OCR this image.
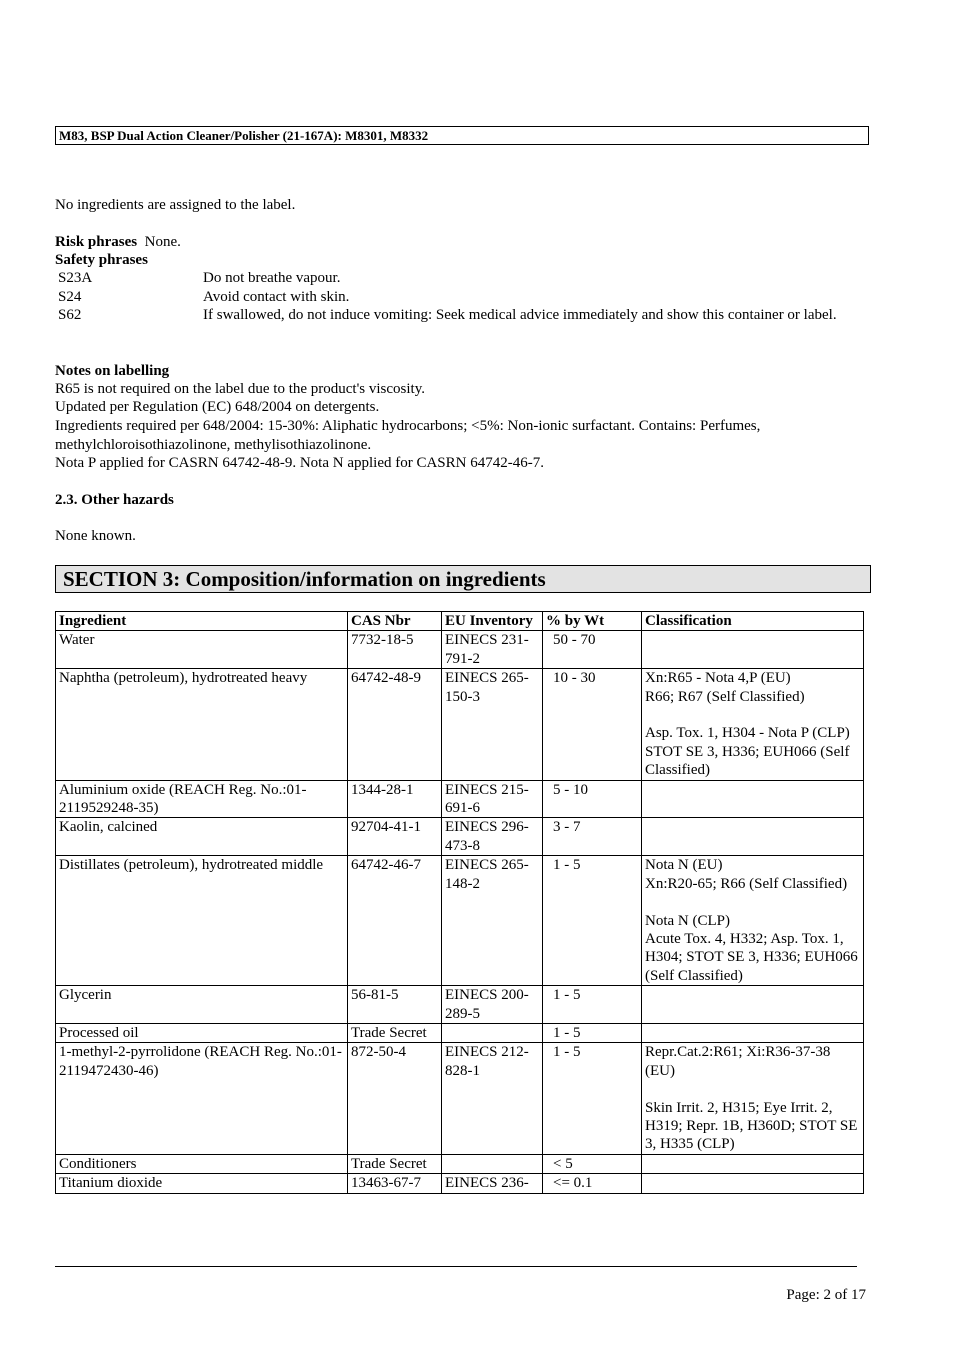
M83, BSP Dual Action Cleaner/Polisher (21-167A): M8301, M8332
No ingredients are assigned to the label.
Risk phrases None.
Safety phrases
S23A	Do not breathe vapour.
S24	Avoid contact with skin.
S62	If swallowed, do not induce vomiting: Seek medical advice immediately and show this container or label.
Notes on labelling
R65 is not required on the label due to the product's viscosity.
Updated per Regulation (EC) 648/2004 on detergents.
Ingredients required per 648/2004: 15-30%: Aliphatic hydrocarbons; <5%: Non-ionic surfactant. Contains: Perfumes, methylchloroisothiazolinone, methylisothiazolinone.
Nota P applied for CASRN 64742-48-9. Nota N applied for CASRN 64742-46-7.
2.3. Other hazards
None known.
SECTION 3: Composition/information on ingredients
Ingredient	CAS Nbr	EU Inventory	% by Wt	Classification
Water	7732-18-5	EINECS 231-791-2	50 - 70	
Naphtha (petroleum), hydrotreated heavy	64742-48-9	EINECS 265-150-3	10 - 30	Xn:R65 - Nota 4,P (EU)
R66; R67 (Self Classified)

Asp. Tox. 1, H304 - Nota P (CLP)
STOT SE 3, H336; EUH066 (Self Classified)
Aluminium oxide (REACH Reg. No.:01-2119529248-35)	1344-28-1	EINECS 215-691-6	5 - 10	
Kaolin, calcined	92704-41-1	EINECS 296-473-8	3 - 7	
Distillates (petroleum), hydrotreated middle	64742-46-7	EINECS 265-148-2	1 - 5	Nota N (EU)
Xn:R20-65; R66 (Self Classified)

Nota N (CLP)
Acute Tox. 4, H332; Asp. Tox. 1, H304; STOT SE 3, H336; EUH066 (Self Classified)
Glycerin	56-81-5	EINECS 200-289-5	1 - 5	
Processed oil	Trade Secret		1 - 5	
1-methyl-2-pyrrolidone (REACH Reg. No.:01-2119472430-46)	872-50-4	EINECS 212-828-1	1 - 5	Repr.Cat.2:R61; Xi:R36-37-38 (EU)

Skin Irrit. 2, H315; Eye Irrit. 2, H319; Repr. 1B, H360D; STOT SE 3, H335 (CLP)
Conditioners	Trade Secret		< 5	
Titanium dioxide	13463-67-7	EINECS 236-	<= 0.1	
Page: 2 of 17
